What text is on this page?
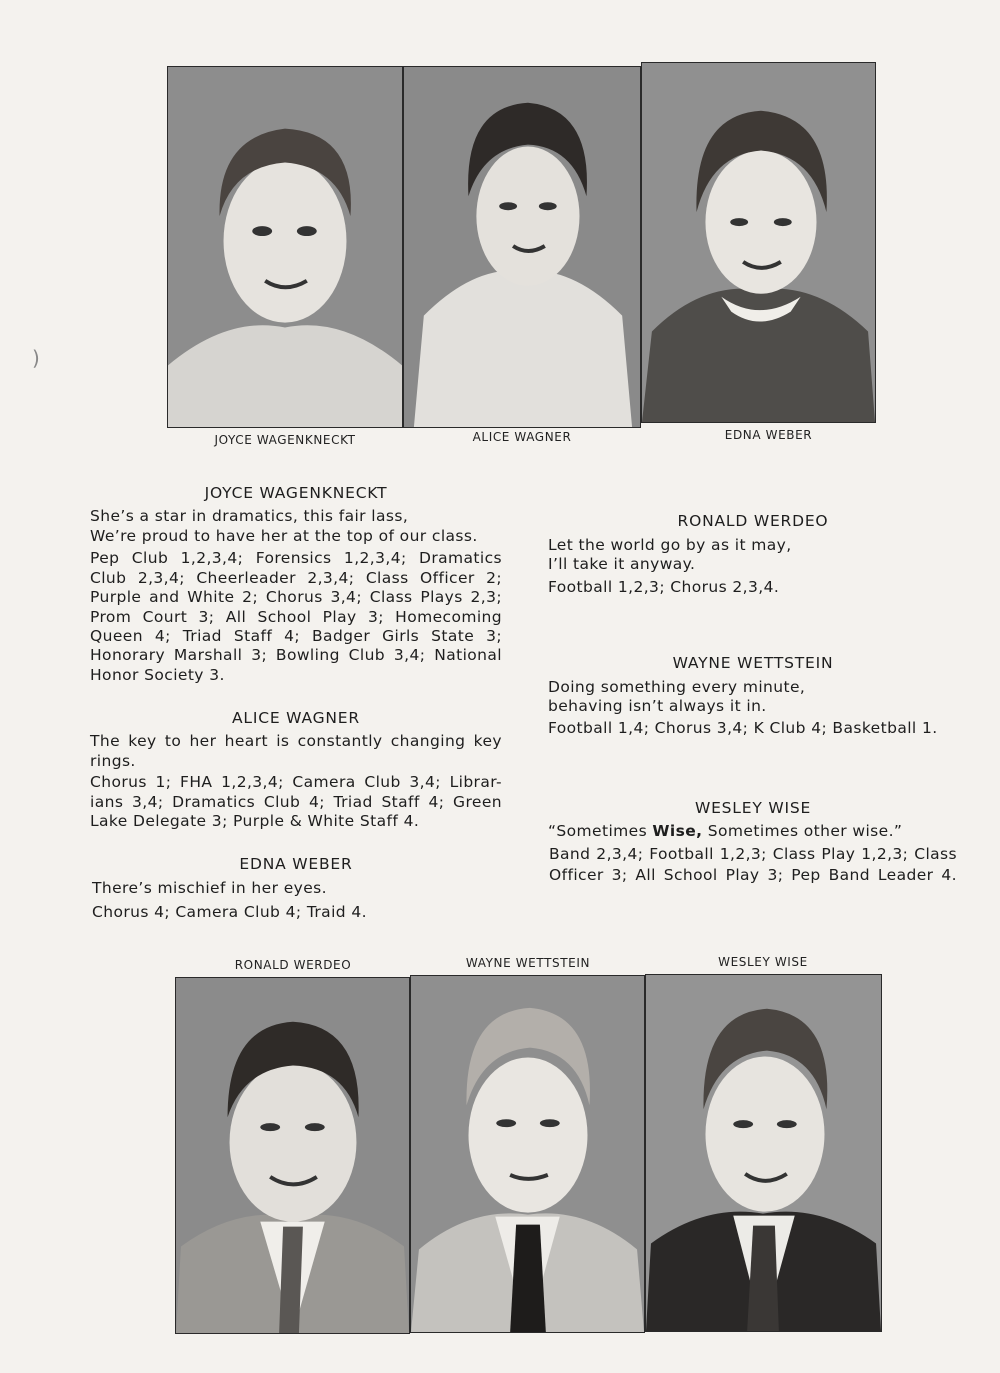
JOYCE WAGENKNECKT	ALICE WAGNER	EDNA WEBER
JOYCE WAGENKNECKT
She’s a star in dramatics, this fair lass,
We’re proud to have her at the top of our class.
Pep Club 1,2,3,4; Forensics 1,2,3,4; Dramatics
Club 2,3,4; Cheerleader 2,3,4; Class Officer 2;
Purple and White 2; Chorus 3,4; Class Plays 2,3;
Prom Court 3; All School Play 3; Homecoming
Queen 4; Triad Staff 4; Badger Girls State 3;
Honorary Marshall 3; Bowling Club 3,4; National
Honor Society 3.
ALICE WAGNER
The key to her heart is constantly changing key
rings.
Chorus 1; FHA 1,2,3,4; Camera Club 3,4; Librar-
ians 3,4; Dramatics Club 4; Triad Staff 4; Green
Lake Delegate 3; Purple & White Staff 4.
EDNA WEBER
There’s mischief in her eyes.
Chorus 4; Camera Club 4; Traid 4.
RONALD WERDEO
Let the world go by as it may,
I’ll take it anyway.
Football 1,2,3; Chorus 2,3,4.
WAYNE WETTSTEIN
Doing something every minute,
behaving isn’t always it in.
Football 1,4; Chorus 3,4; K Club 4; Basketball 1.
WESLEY WISE
“Sometimes Wise, Sometimes other wise.”
Band 2,3,4; Football 1,2,3; Class Play 1,2,3; Class
Officer 3; All School Play 3; Pep Band Leader 4.
RONALD WERDEO	WAYNE WETTSTEIN	WESLEY WISE
)
